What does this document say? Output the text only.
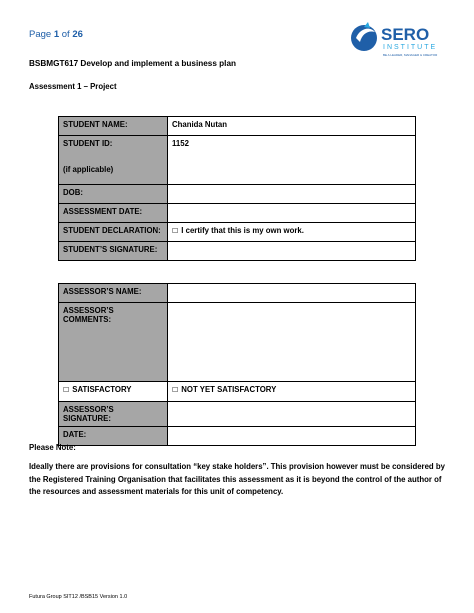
Page 1 of 26	SERO
INSTITUTE
BE A LEADER, MANAGER & CREATOR
BSBMGT617 Develop and implement a business plan
Assessment 1 – Project
STUDENT NAME:	Chanida Nutan

STUDENT ID:
(if applicable)	1152
DOB:	
ASSESSMENT DATE:	
STUDENT DECLARATION:	☐ I certify that this is my own work.
STUDENT’S SIGNATURE:	
ASSESSOR’S NAME:	
ASSESSOR’S COMMENTS:	
☐ SATISFACTORY	☐ NOT YET SATISFACTORY
ASSESSOR’S SIGNATURE:	
DATE:	
Please Note:
Ideally there are provisions for consultation “key stake holders”. This provision however must be considered by the Registered Training Organisation that facilitates this assessment as it is beyond the control of the author of the resources and assessment materials for this unit of competency.
Futura Group SIT12 /BSB15 Version 1.0
